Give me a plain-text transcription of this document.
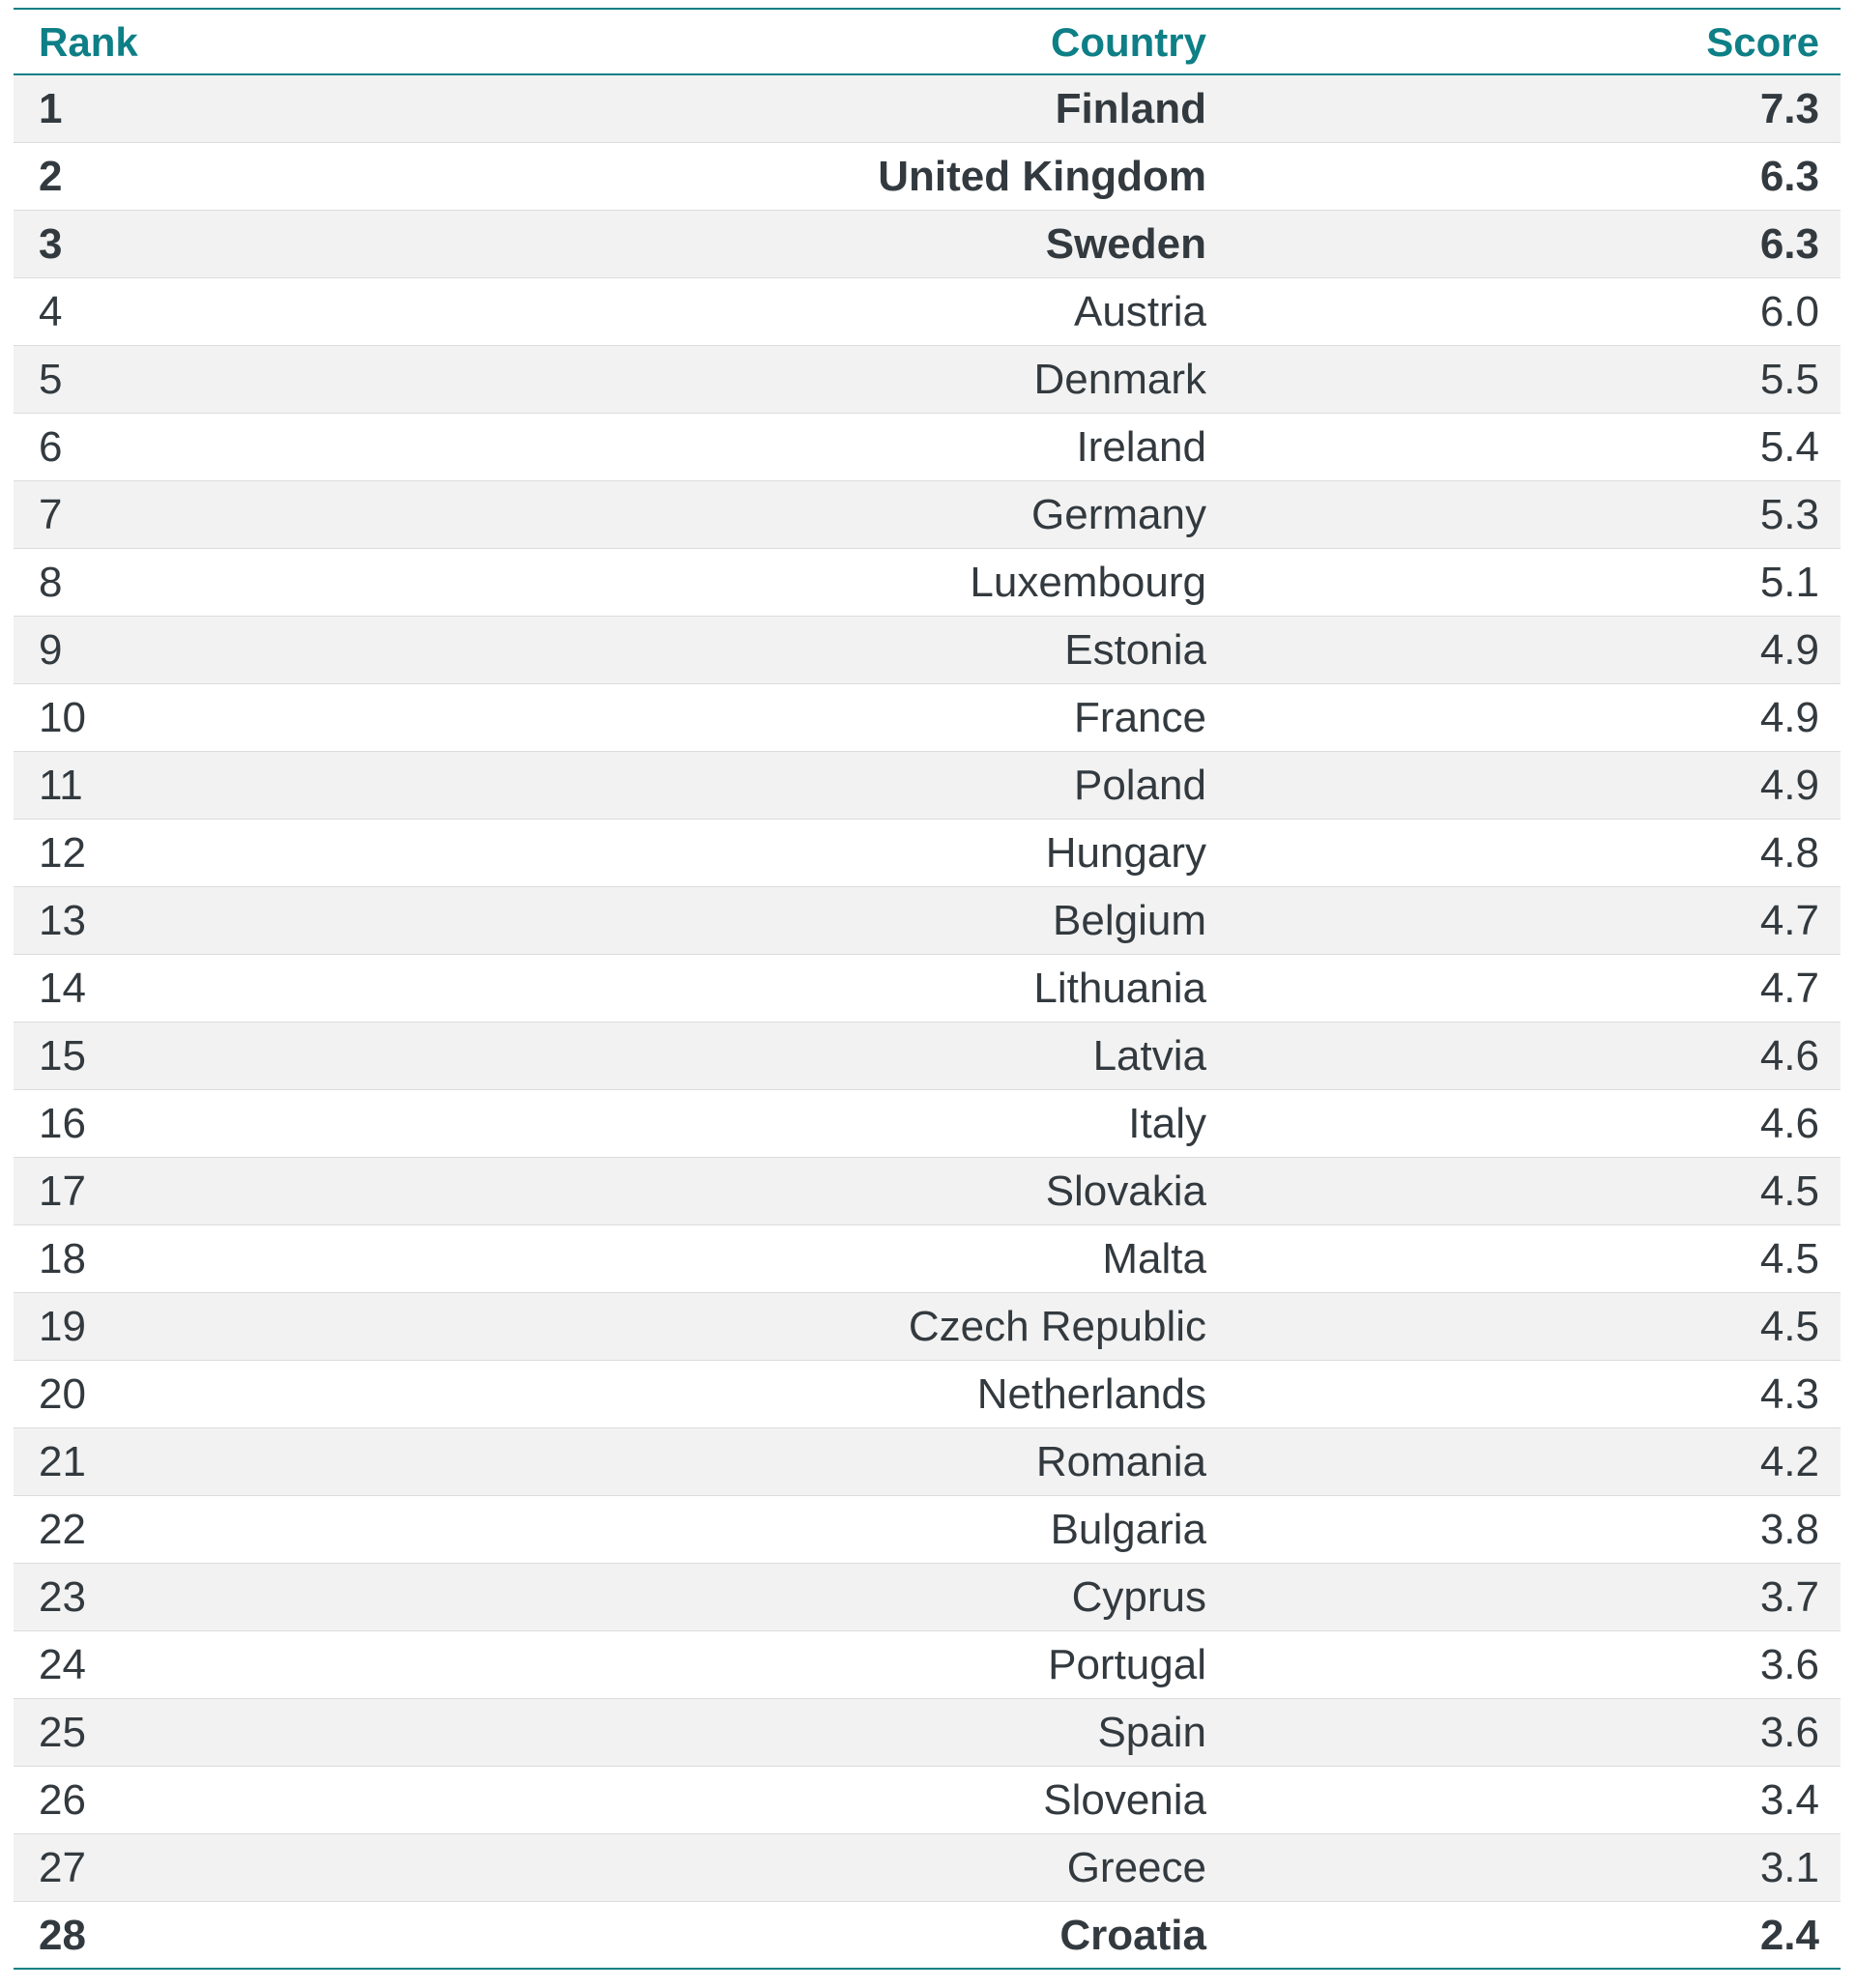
Rank	Country	Score
1	Finland	7.3
2	United Kingdom	6.3
3	Sweden	6.3
4	Austria	6.0
5	Denmark	5.5
6	Ireland	5.4
7	Germany	5.3
8	Luxembourg	5.1
9	Estonia	4.9
10	France	4.9
11	Poland	4.9
12	Hungary	4.8
13	Belgium	4.7
14	Lithuania	4.7
15	Latvia	4.6
16	Italy	4.6
17	Slovakia	4.5
18	Malta	4.5
19	Czech Republic	4.5
20	Netherlands	4.3
21	Romania	4.2
22	Bulgaria	3.8
23	Cyprus	3.7
24	Portugal	3.6
25	Spain	3.6
26	Slovenia	3.4
27	Greece	3.1
28	Croatia	2.4
